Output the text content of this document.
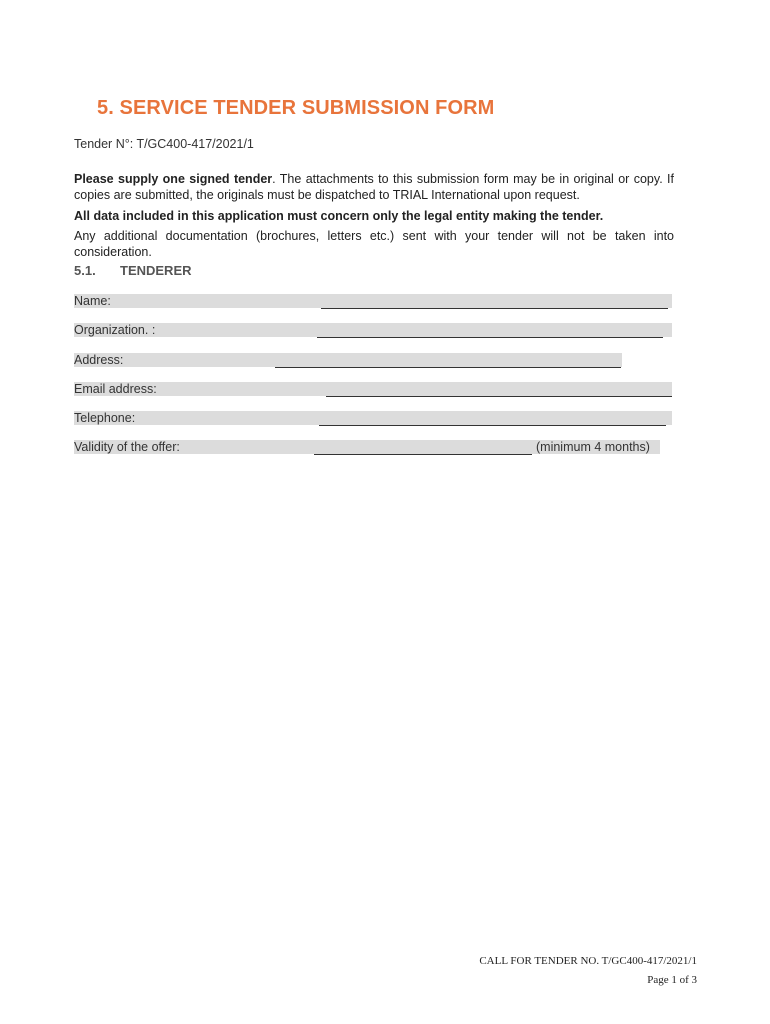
5. SERVICE TENDER SUBMISSION FORM
Tender N°: T/GC400-417/2021/1
Please supply one signed tender. The attachments to this submission form may be in original or copy. If copies are submitted, the originals must be dispatched to TRIAL International upon request.
All data included in this application must concern only the legal entity making the tender.
Any additional documentation (brochures, letters etc.) sent with your tender will not be taken into consideration.
5.1. TENDERER
Name:
Organization. :
Address:
Email address:
Telephone:
Validity of the offer:	(minimum 4 months)
CALL FOR TENDER NO. T/GC400-417/2021/1
Page 1 of 3
